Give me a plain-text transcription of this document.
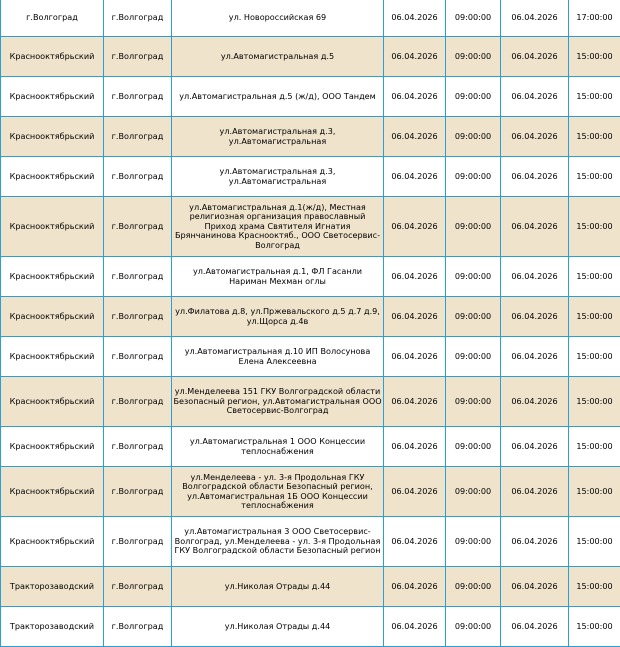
г.Волгоград	г.Волгоград	ул. Новороссийская 69	06.04.2026	09:00:00	06.04.2026	17:00:00
Краснооктябрьский	г.Волгоград	ул.Автомагистральная д.5	06.04.2026	09:00:00	06.04.2026	15:00:00
Краснооктябрьский	г.Волгоград	ул.Автомагистральная д.5 (ж/д), ООО Тандем	06.04.2026	09:00:00	06.04.2026	15:00:00
Краснооктябрьский	г.Волгоград	ул.Автомагистральная д.3, ул.Автомагистральная	06.04.2026	09:00:00	06.04.2026	15:00:00
Краснооктябрьский	г.Волгоград	ул.Автомагистральная д.3, ул.Автомагистральная	06.04.2026	09:00:00	06.04.2026	15:00:00
Краснооктябрьский	г.Волгоград	ул.Автомагистральная д.1(ж/д), Местная религиозная организация православный Приход храма Святителя Игнатия Брянчанинова Краснооктяб., ООО Светосервис-Волгоград	06.04.2026	09:00:00	06.04.2026	15:00:00
Краснооктябрьский	г.Волгоград	ул.Автомагистральная д.1, ФЛ Гасанли Нариман Мехман оглы	06.04.2026	09:00:00	06.04.2026	15:00:00
Краснооктябрьский	г.Волгоград	ул.Филатова д.8, ул.Пржевальского д.5 д.7 д.9, ул.Щорса д.4в	06.04.2026	09:00:00	06.04.2026	15:00:00
Краснооктябрьский	г.Волгоград	ул.Автомагистральная д.10 ИП Волосунова Елена Алексеевна	06.04.2026	09:00:00	06.04.2026	15:00:00
Краснооктябрьский	г.Волгоград	ул.Менделеева 151 ГКУ Волгоградской области Безопасный регион, ул.Автомагистральная ООО Светосервис-Волгоград	06.04.2026	09:00:00	06.04.2026	15:00:00
Краснооктябрьский	г.Волгоград	ул.Автомагистральная 1 ООО Концессии теплоснабжения	06.04.2026	09:00:00	06.04.2026	15:00:00
Краснооктябрьский	г.Волгоград	ул.Менделеева - ул. 3-я Продольная ГКУ Волгоградской области Безопасный регион, ул.Автомагистральная 1Б ООО Концессии теплоснабжения	06.04.2026	09:00:00	06.04.2026	15:00:00
Краснооктябрьский	г.Волгоград	ул.Автомагистральная 3 ООО Светосервис-Волгоград, ул.Менделеева - ул. 3-я Продольная ГКУ Волгоградской области Безопасный регион	06.04.2026	09:00:00	06.04.2026	15:00:00
Тракторозаводский	г.Волгоград	ул.Николая Отрады д.44	06.04.2026	09:00:00	06.04.2026	15:00:00
Тракторозаводский	г.Волгоград	ул.Николая Отрады д.44	06.04.2026	09:00:00	06.04.2026	15:00:00
